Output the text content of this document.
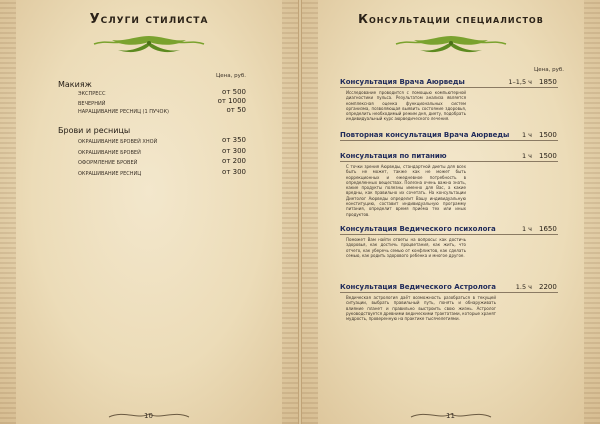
Услуги стилиста
Цена, руб.
Макияж
ЭКСПРЕСС	от 500
ВЕЧЕРНИЙ	от 1000
НАРАЩИВАНИЕ РЕСНИЦ (1 ПУЧОК)	от 50
Брови и ресницы
ОКРАШИВАНИЕ БРОВЕЙ ХНОЙ	от 350
ОКРАШИВАНИЕ БРОВЕЙ	от 300
ОФОРМЛЕНИЕ БРОВЕЙ	от 200
ОКРАШИВАНИЕ РЕСНИЦ	от 300
10
Консультации специалистов
Цена, руб.
Консультация Врача Аюрведы	1–1,5 ч 1850
Исследование проводится с помощью компьютерной диагностики пульса. Результатом анализа является комплексная оценка функциональных систем организма, позволяющая выявить состояние здоровья, определить необходимый режим дня, диету, подобрать индивидуальный курс аюрведического лечения.
Повторная консультация Врача Аюрведы	1 ч 1500
Консультация по питанию	1 ч 1500
С точки зрения Аюрведы, стандартной диеты для всех быть не может, также как не может быть коррекционных и ежедневное потребность в определенных веществах. Полезна очень важна знать, какие продукты полезны именно для Вас, а какие вредны, как правильно их сочетать. На консультации Диетолог Аюрведы определит Вашу индивидуальную конституцию, составит индивидуальную программу питания, определит время приёма тех или иных продуктов.
Консультация Ведического психолога	1 ч 1650
Поможет Вам найти ответы на вопросы: как достичь здоровья, как достичь процветания, как жить, что отчего, как уберечь семью от конфликтов, как сделать семью, как родить здорового ребенка и многое другое.
Консультация Ведического Астролога	1.5 ч 2200
Ведическая астрология даёт возможность разобраться в текущей ситуации, выбрать правильный путь, понять и обнаруживать влияние планет и правильно выстроить свою жизнь. Астролог руководствуется древними ведическими трактатами, которые хранят мудрость, проверенную на практике тысячелетиями.
11
